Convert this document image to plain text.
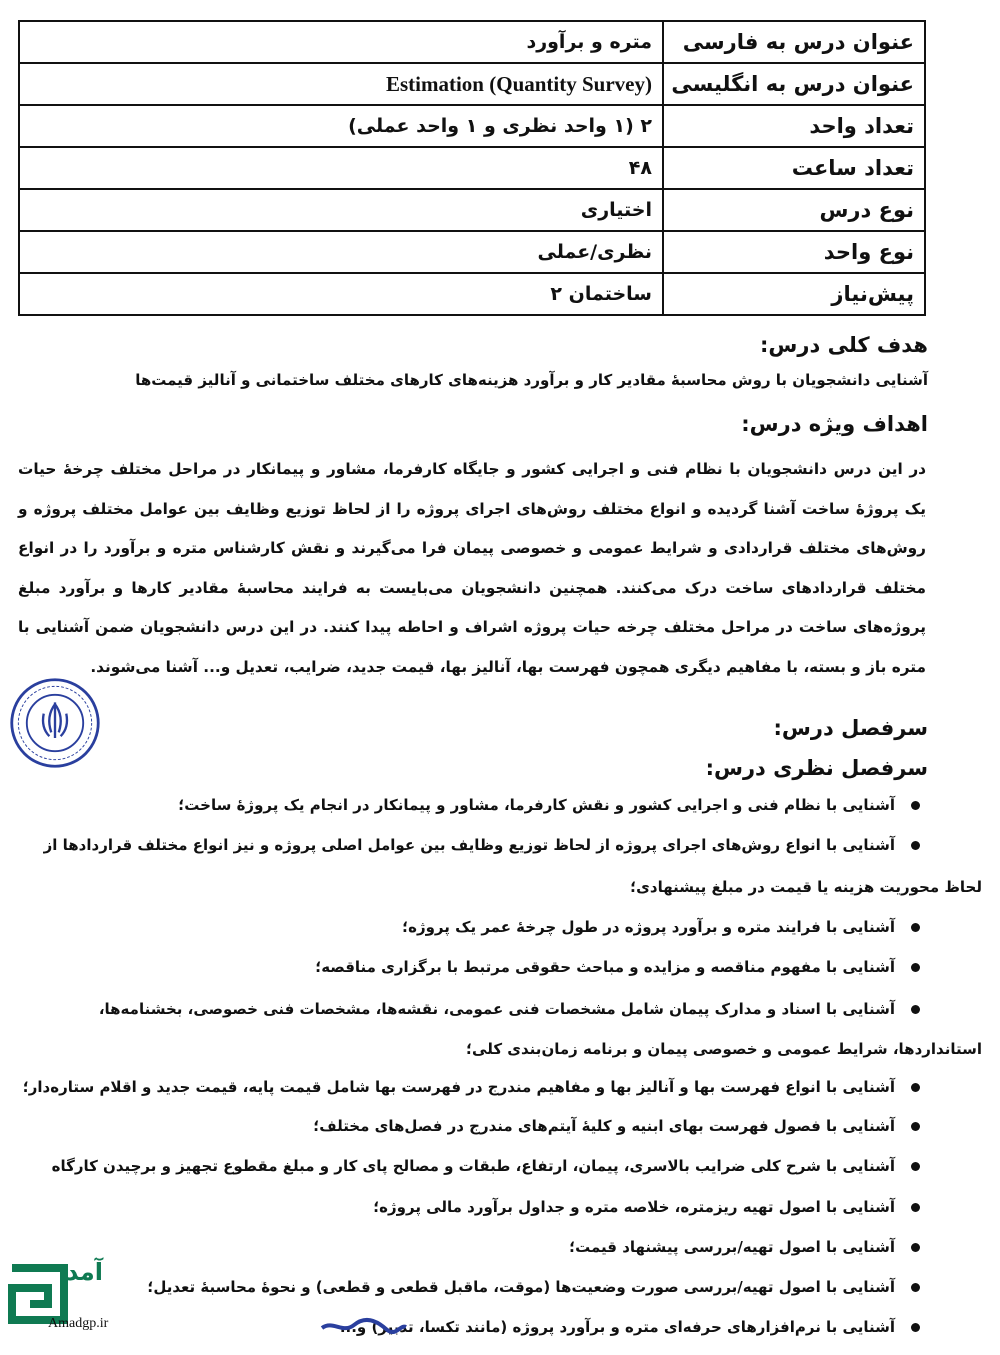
عنوان درس به فارسی	متره و برآورد
عنوان درس به انگلیسی	Estimation (Quantity Survey)
تعداد واحد	۲ (۱ واحد نظری و ۱ واحد عملی)
تعداد ساعت	۴۸
نوع درس	اختیاری
نوع واحد	نظری/عملی
پیش‌نیاز	ساختمان ۲
هدف کلی درس:
آشنایی دانشجویان با روش محاسبهٔ مقادیر کار و برآورد هزینه‌های کارهای مختلف ساختمانی و آنالیز قیمت‌ها
اهداف ویژه درس:
در این درس دانشجویان با نظام فنی و اجرایی کشور و جایگاه کارفرما، مشاور و پیمانکار در مراحل مختلف چرخهٔ حیات یک پروژهٔ ساخت آشنا گردیده و انواع مختلف روش‌های اجرای پروژه را از لحاظ توزیع وظایف بین عوامل مختلف پروژه و روش‌های مختلف قراردادی و شرایط عمومی و خصوصی پیمان فرا می‌گیرند و نقش کارشناس متره و برآورد را در انواع مختلف قراردادهای ساخت درک می‌کنند. همچنین دانشجویان می‌بایست به فرایند محاسبهٔ مقادیر کارها و برآورد مبلغ پروژه‌های ساخت در مراحل مختلف چرخه حیات پروژه اشراف و احاطه پیدا کنند. در این درس دانشجویان ضمن آشنایی با متره باز و بسته، با مفاهیم دیگری همچون فهرست بها، آنالیز بها، قیمت جدید، ضرایب، تعدیل و... آشنا می‌شوند.
سرفصل درس:
سرفصل نظری درس:
آشنایی با نظام فنی و اجرایی کشور و نقش کارفرما، مشاور و پیمانکار در انجام یک پروژهٔ ساخت؛
آشنایی با انواع روش‌های اجرای پروژه از لحاظ توزیع وظایف بین عوامل اصلی پروژه و نیز انواع مختلف قراردادها از
لحاظ محوریت هزینه یا قیمت در مبلغ پیشنهادی؛
آشنایی با فرایند متره و برآورد پروژه در طول چرخهٔ عمر یک پروژه؛
آشنایی با مفهوم مناقصه و مزایده و مباحث حقوقی مرتبط با برگزاری مناقصه؛
آشنایی با اسناد و مدارک پیمان شامل مشخصات فنی عمومی، نقشه‌ها، مشخصات فنی خصوصی، بخشنامه‌ها،
استانداردها، شرایط عمومی و خصوصی پیمان و برنامه زمان‌بندی کلی؛
آشنایی با انواع فهرست بها و آنالیز بها و مفاهیم مندرج در فهرست بها شامل قیمت پایه، قیمت جدید و اقلام ستاره‌دار؛
آشنایی با فصول فهرست بهای ابنیه و کلیهٔ آیتم‌های مندرج در فصل‌های مختلف؛
آشنایی با شرح کلی ضرایب بالاسری، پیمان، ارتفاع، طبقات و مصالح پای کار و مبلغ مقطوع تجهیز و برچیدن کارگاه
آشنایی با اصول تهیه ریزمتره، خلاصه متره و جداول برآورد مالی پروژه؛
آشنایی با اصول تهیه/بررسی پیشنهاد قیمت؛
آشنایی با اصول تهیه/بررسی صورت وضعیت‌ها (موقت، ماقبل قطعی و قطعی) و نحوهٔ محاسبهٔ تعدیل؛
آشنایی با نرم‌افزارهای حرفه‌ای متره و برآورد پروژه (مانند تکسا، تدبیر) و...
آمد
Amadgp.ir
